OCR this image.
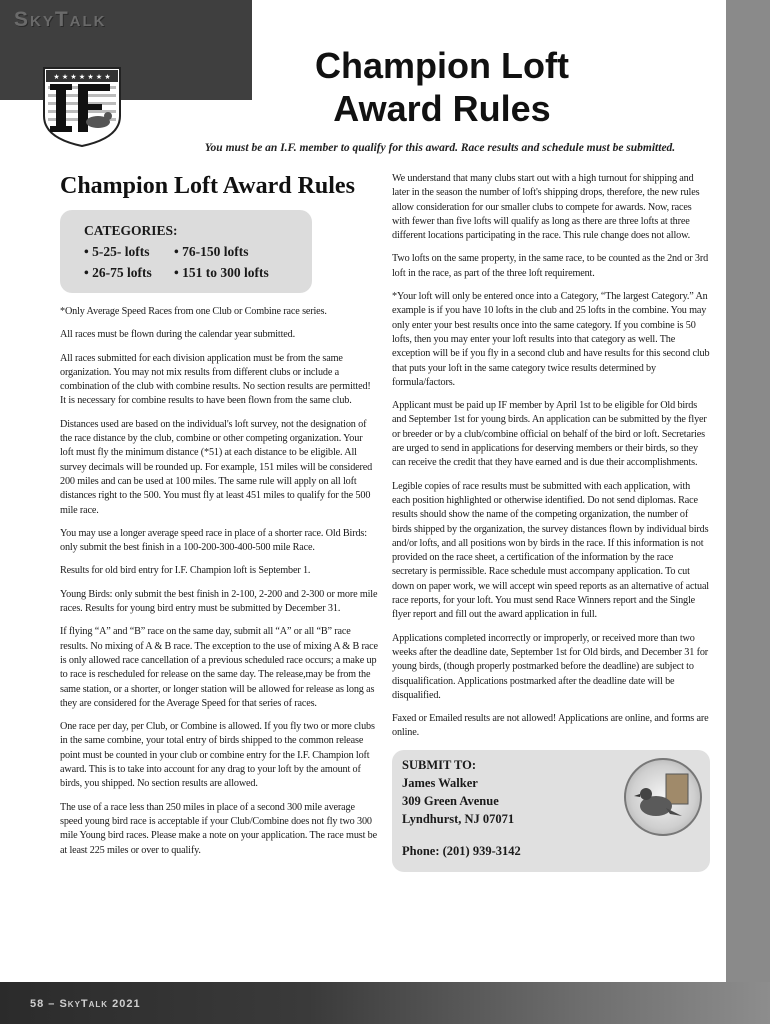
SkyTalk
★ ★ ★ ★ ★ ★ ★	Champion Loft
Award Rules
You must be an I.F. member to qualify for this award. Race results and schedule must be submitted.
Champion Loft Award Rules
CATEGORIES:
• 5-25- lofts	• 76-150 lofts
• 26-75 lofts	• 151 to 300 lofts

*Only Average Speed Races from one Club or Combine race series.

All races must be flown during the calendar year submitted.

All races submitted for each division application must be from the same organization. You may not mix results from different clubs or include a combination of the club with combine results. No section results are permitted! It is necessary for combine results to have been flown from the same club.

Distances used are based on the individual's loft survey, not the designation of the race distance by the club, combine or other competing organization. Your loft must fly the minimum distance (*51) at each distance to be eligible. All survey decimals will be rounded up. For example, 151 miles will be considered 200 miles and can be used at 100 miles. The same rule will apply on all loft distances right to the 500. You must fly at least 451 miles to qualify for the 500 mile race.

You may use a longer average speed race in place of a shorter race. Old Birds: only submit the best finish in a 100-200-300-400-500 mile Race.

Results for old bird entry for I.F. Champion loft is September 1.

Young Birds: only submit the best finish in 2-100, 2-200 and 2-300 or more mile races. Results for young bird entry must be submitted by December 31.

If flying “A” and “B” race on the same day, submit all “A” or all “B” race results. No mixing of A & B race. The exception to the use of mixing A & B race is only allowed race cancellation of a previous scheduled race occurs; a make up to race is rescheduled for release on the same day. The release,may be from the same station, or a shorter, or longer station will be allowed for release as long as they are considered for the Average Speed for that series of races.

One race per day, per Club, or Combine is allowed. If you fly two or more clubs in the same combine, your total entry of birds shipped to the common release point must be counted in your club or combine entry for the I.F. Champion loft award. This is to take into account for any drag to your loft by the amount of birds, you shipped. No section results are allowed.

The use of a race less than 250 miles in place of a second 300 mile average speed young bird race is acceptable if your Club/Combine does not fly two 300 mile Young bird races. Please make a note on your application. The race must be at least 225 miles or over to qualify.

We understand that many clubs start out with a high turnout for shipping and later in the season the number of loft's shipping drops, therefore, the new rules allow consideration for our smaller clubs to compete for awards. Now, races with fewer than five lofts will qualify as long as there are three lofts at three different locations participating in the race. This rule change does not allow.

Two lofts on the same property, in the same race, to be counted as the 2nd or 3rd loft in the race, as part of the three loft requirement.

*Your loft will only be entered once into a Category, “The largest Category.” An example is if you have 10 lofts in the club and 25 lofts in the combine. You may only enter your best results once into the same category. If you combine is 50 lofts, then you may enter your loft results into that category as well. The exception will be if you fly in a second club and have results for this second club that puts your loft in the same category twice results determined by formula/factors.

Applicant must be paid up IF member by April 1st to be eligible for Old birds and September 1st for young birds. An application can be submitted by the flyer or breeder or by a club/combine official on behalf of the bird or loft. Secretaries are urged to send in applications for deserving members or their birds, so they can receive the credit that they have earned and is due their accomplishments.

Legible copies of race results must be submitted with each application, with each position highlighted or otherwise identified. Do not send diplomas. Race results should show the name of the competing organization, the number of birds shipped by the organization, the survey distances flown by individual birds and/or lofts, and all positions won by birds in the race. If this information is not provided on the race sheet, a certification of the information by the race secretary is permissible. Race schedule must accompany application. To cut down on paper work, we will accept win speed reports as an alternative of actual race reports, for your loft. You must send Race Winners report and the Single flyer report and fill out the award application in full.

Applications completed incorrectly or improperly, or received more than two weeks after the deadline date, September 1st for Old birds, and December 31 for young birds, (though properly postmarked before the deadline) are subject to disqualification. Applications postmarked after the deadline date will be disqualified.

Faxed or Emailed results are not allowed! Applications are online, and forms are online.

SUBMIT TO:
James Walker
309 Green Avenue
Lyndhurst, NJ 07071
Phone: (201) 939-3142
58 – SkyTalk 2021
